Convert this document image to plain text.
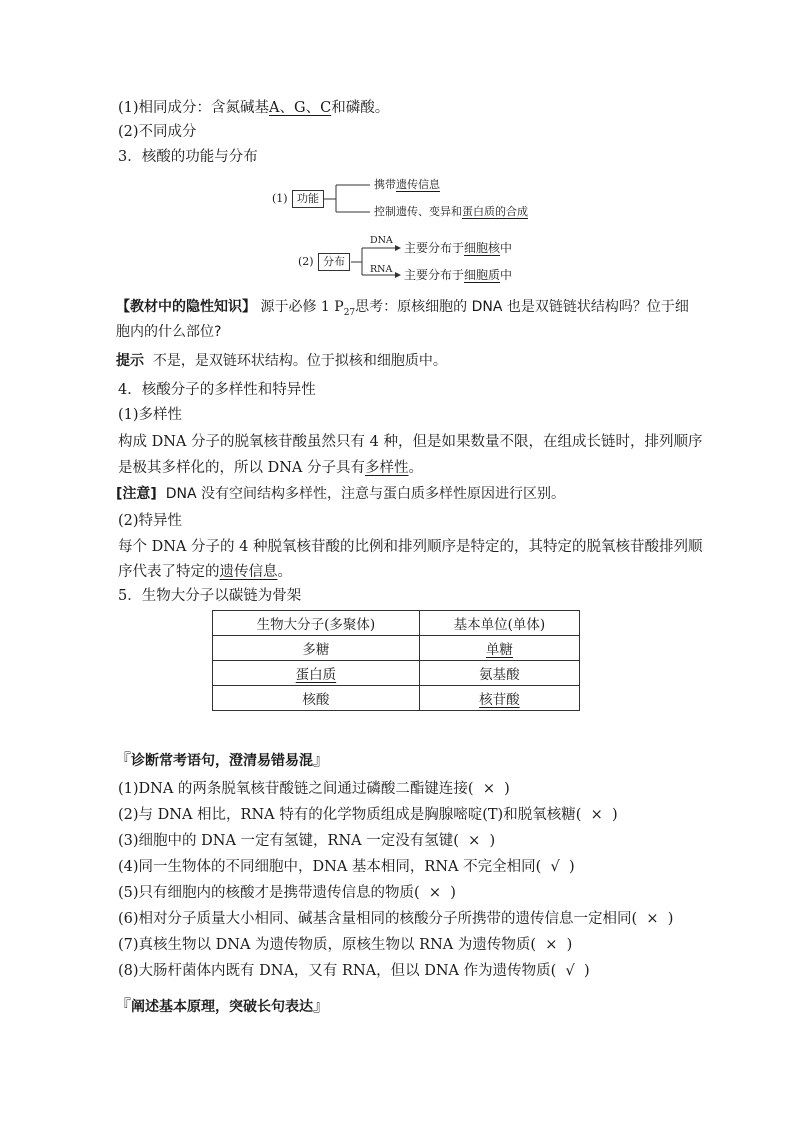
(1)相同成分：含氮碱基A、G、C和磷酸。
(2)不同成分
3．核酸的功能与分布
(1) 功能
携带遗传信息
控制遗传、变异和蛋白质的合成
(2) 分布
DNA
RNA
主要分布于细胞核中
主要分布于细胞质中
【教材中的隐性知识】 源于必修 1 $P_{27}$思考：原核细胞的 DNA 也是双链链状结构吗？位于细
胞内的什么部位?
提示 不是，是双链环状结构。位于拟核和细胞质中。
4．核酸分子的多样性和特异性
(1)多样性
构成 DNA 分子的脱氧核苷酸虽然只有 4 种，但是如果数量不限，在组成长链时，排列顺序
是极其多样化的，所以 DNA 分子具有多样性。
[注意] DNA 没有空间结构多样性，注意与蛋白质多样性原因进行区别。
(2)特异性
每个 DNA 分子的 4 种脱氧核苷酸的比例和排列顺序是特定的，其特定的脱氧核苷酸排列顺
序代表了特定的遗传信息。
5．生物大分子以碳链为骨架
生物大分子(多聚体)	基本单位(单体)
多糖	单糖
蛋白质	氨基酸
核酸	核苷酸
『诊断常考语句，澄清易错易混』
(1)DNA 的两条脱氧核苷酸链之间通过磷酸二酯键连接( ×  )
(2)与 DNA 相比，RNA 特有的化学物质组成是胸腺嘧啶(T)和脱氧核糖( ×  )
(3)细胞中的 DNA 一定有氢键，RNA 一定没有氢键( ×  )
(4)同一生物体的不同细胞中，DNA 基本相同，RNA 不完全相同( √  )
(5)只有细胞内的核酸才是携带遗传信息的物质( ×  )
(6)相对分子质量大小相同、碱基含量相同的核酸分子所携带的遗传信息一定相同( ×  )
(7)真核生物以 DNA 为遗传物质，原核生物以 RNA 为遗传物质( ×  )
(8)大肠杆菌体内既有 DNA，又有 RNA，但以 DNA 作为遗传物质( √  )
『阐述基本原理，突破长句表达』
